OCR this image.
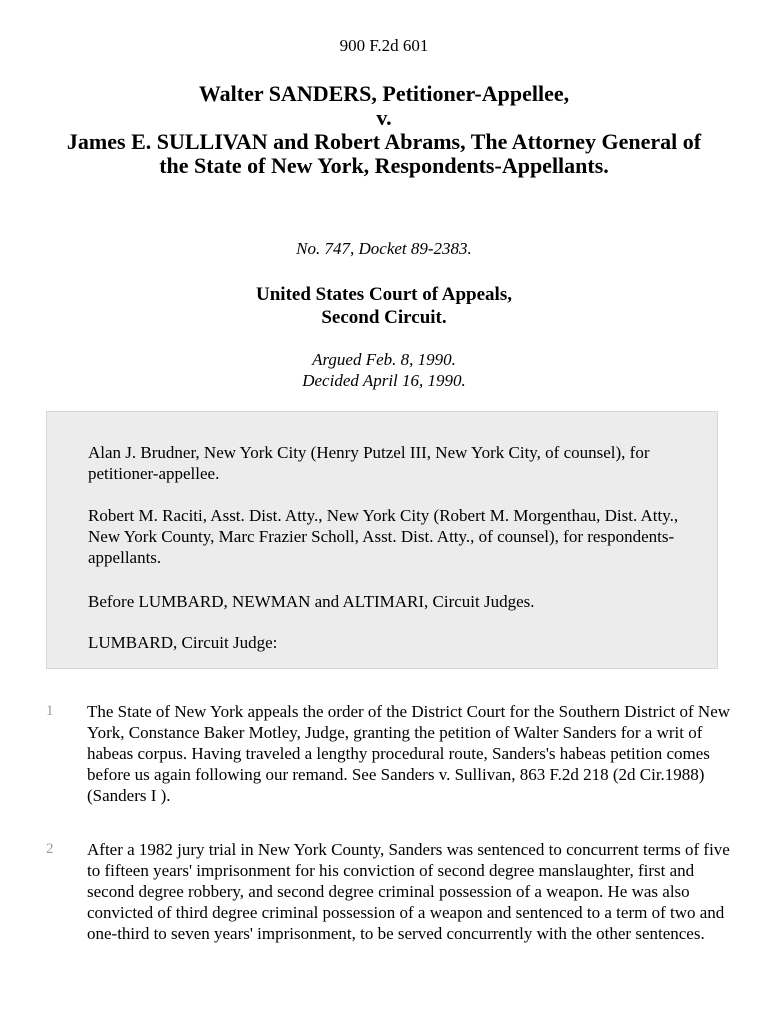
900 F.2d 601
Walter SANDERS, Petitioner-Appellee,
v.
James E. SULLIVAN and Robert Abrams, The Attorney General of
the State of New York, Respondents-Appellants.
No. 747, Docket 89-2383.
United States Court of Appeals,
Second Circuit.
Argued Feb. 8, 1990.
Decided April 16, 1990.

Alan J. Brudner, New York City (Henry Putzel III, New York City, of counsel), for petitioner-appellee.

Robert M. Raciti, Asst. Dist. Atty., New York City (Robert M. Morgenthau, Dist. Atty., New York County, Marc Frazier Scholl, Asst. Dist. Atty., of counsel), for respondents-appellants.

Before LUMBARD, NEWMAN and ALTIMARI, Circuit Judges.

LUMBARD, Circuit Judge:

1 The State of New York appeals the order of the District Court for the Southern District of New York, Constance Baker Motley, Judge, granting the petition of Walter Sanders for a writ of habeas corpus. Having traveled a lengthy procedural route, Sanders's habeas petition comes before us again following our remand. See Sanders v. Sullivan, 863 F.2d 218 (2d Cir.1988) (Sanders I ).

2 After a 1982 jury trial in New York County, Sanders was sentenced to concurrent terms of five to fifteen years' imprisonment for his conviction of second degree manslaughter, first and second degree robbery, and second degree criminal possession of a weapon. He was also convicted of third degree criminal possession of a weapon and sentenced to a term of two and one-third to seven years' imprisonment, to be served concurrently with the other sentences.
